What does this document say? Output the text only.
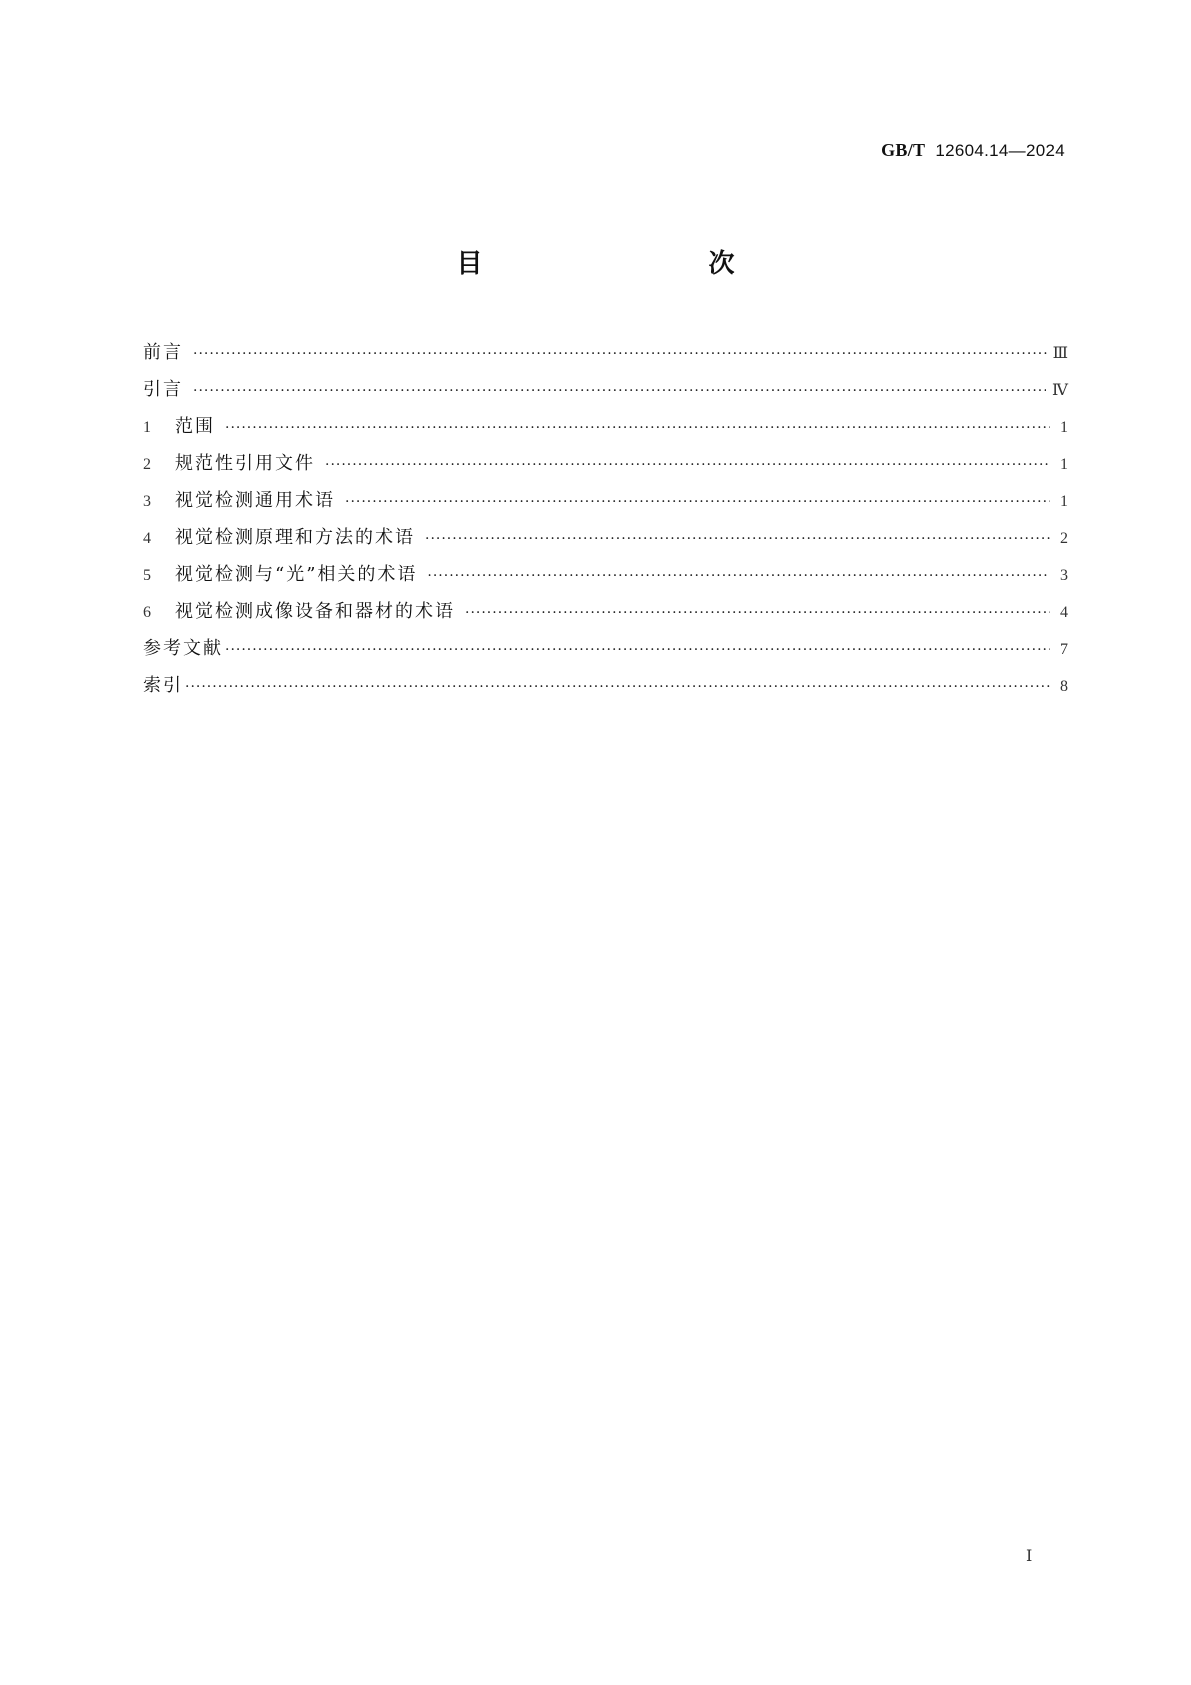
GB/T 12604.14—2024
目　　次
前言 ·····	Ⅲ
引言 ·····	Ⅳ
1	范围 ·····	1
2	规范性引用文件 ·····	1
3	视觉检测通用术语 ·····	1
4	视觉检测原理和方法的术语 ·····	2
5	视觉检测与“光”相关的术语 ·····	3
6	视觉检测成像设备和器材的术语 ·····	4
参考文献 ·····	7
索引 ·····	8
Ⅰ
